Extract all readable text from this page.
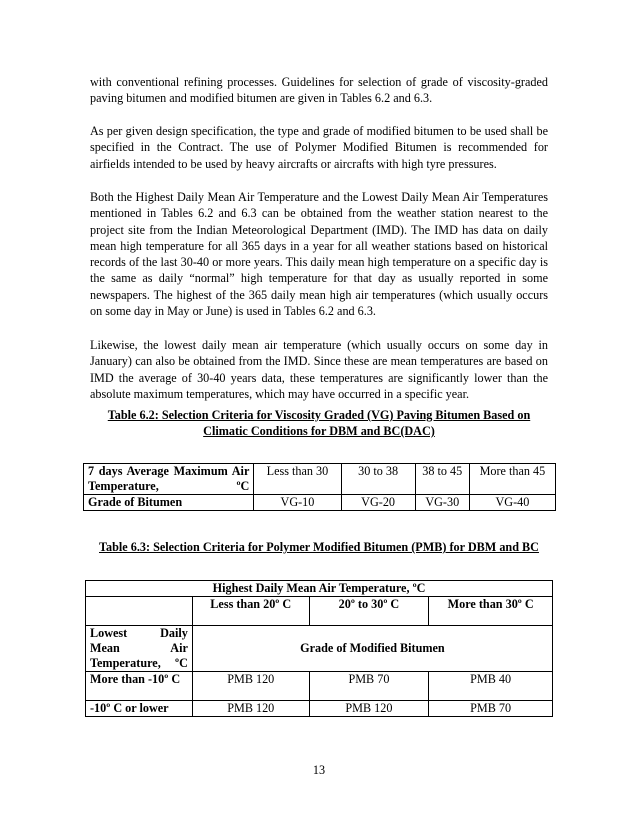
with conventional refining processes. Guidelines for selection of grade of viscosity-graded paving bitumen and modified bitumen are given in Tables 6.2 and 6.3.

As per given design specification, the type and grade of modified bitumen to be used shall be specified in the Contract. The use of Polymer Modified Bitumen is recommended for airfields intended to be used by heavy aircrafts or aircrafts with high tyre pressures.

Both the Highest Daily Mean Air Temperature and the Lowest Daily Mean Air Temperatures mentioned in Tables 6.2 and 6.3 can be obtained from the weather station nearest to the project site from the Indian Meteorological Department (IMD). The IMD has data on daily mean high temperature for all 365 days in a year for all weather stations based on historical records of the last 30-40 or more years. This daily mean high temperature on a specific day is the same as daily “normal” high temperature for that day as usually reported in some newspapers. The highest of the 365 daily mean high air temperatures (which usually occurs on some day in May or June) is used in Tables 6.2 and 6.3.

Likewise, the lowest daily mean air temperature (which usually occurs on some day in January) can also be obtained from the IMD. Since these are mean temperatures are based on IMD the average of 30-40 years data, these temperatures are significantly lower than the absolute maximum temperatures, which may have occurred in a specific year.

Table 6.2: Selection Criteria for Viscosity Graded (VG) Paving Bitumen Based on
Climatic Conditions for DBM and BC(DAC)
7 days Average Maximum Air Temperature, ºC	Less than 30	30 to 38	38 to 45	More than 45
Grade of Bitumen	VG-10	VG-20	VG-30	VG-40
Table 6.3: Selection Criteria for Polymer Modified Bitumen (PMB) for DBM and BC
Highest Daily Mean Air Temperature, ºC			
	Less than 20º C	20º to 30º C	More than 30º C
Lowest Daily Mean Air Temperature, ºC	Grade of Modified Bitumen		
More than -10º C	PMB 120	PMB 70	PMB 40
-10º C or lower	PMB 120	PMB 120	PMB 70
13
